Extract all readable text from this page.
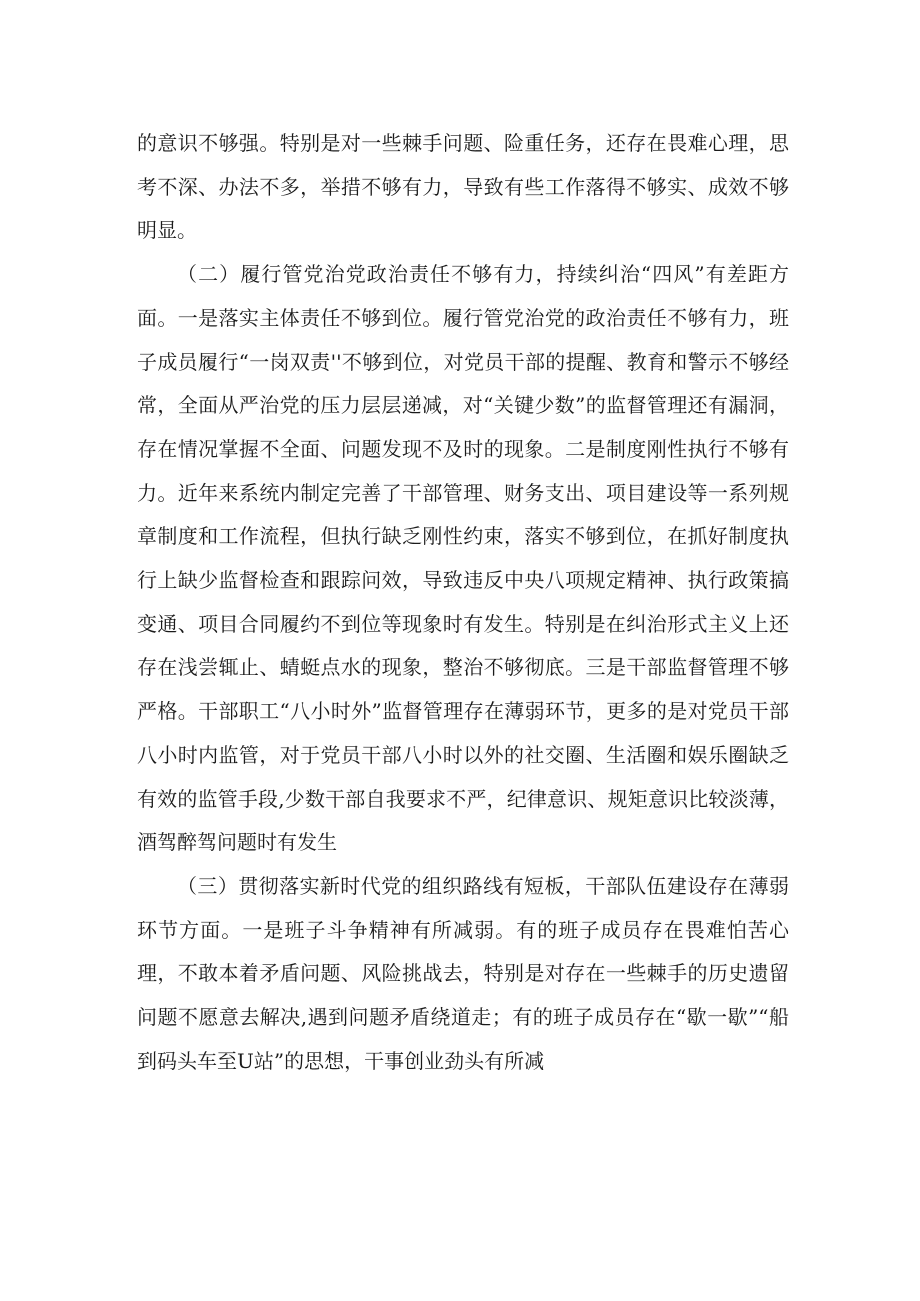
的意识不够强。特别是对一些棘手问题、险重任务，还存在畏难心理，思考不深、办法不多，举措不够有力，导致有些工作落得不够实、成效不够明显。

（二）履行管党治党政治责任不够有力，持续纠治“四风”有差距方面。一是落实主体责任不够到位。履行管党治党的政治责任不够有力，班子成员履行“一岗双责''不够到位，对党员干部的提醒、教育和警示不够经常，全面从严治党的压力层层递减，对“关键少数”的监督管理还有漏洞，存在情况掌握不全面、问题发现不及时的现象。二是制度刚性执行不够有力。近年来系统内制定完善了干部管理、财务支出、项目建设等一系列规章制度和工作流程，但执行缺乏刚性约束，落实不够到位，在抓好制度执行上缺少监督检查和跟踪问效，导致违反中央八项规定精神、执行政策搞变通、项目合同履约不到位等现象时有发生。特别是在纠治形式主义上还存在浅尝辄止、蜻蜓点水的现象，整治不够彻底。三是干部监督管理不够严格。干部职工“八小时外”监督管理存在薄弱环节，更多的是对党员干部八小时内监管，对于党员干部八小时以外的社交圈、生活圈和娱乐圈缺乏有效的监管手段,少数干部自我要求不严，纪律意识、规矩意识比较淡薄，酒驾醉驾问题时有发生

（三）贯彻落实新时代党的组织路线有短板，干部队伍建设存在薄弱环节方面。一是班子斗争精神有所减弱。有的班子成员存在畏难怕苦心理，不敢本着矛盾问题、风险挑战去，特别是对存在一些棘手的历史遗留问题不愿意去解决,遇到问题矛盾绕道走；有的班子成员存在“歇一歇”“船到码头车至U站”的思想，干事创业劲头有所减
